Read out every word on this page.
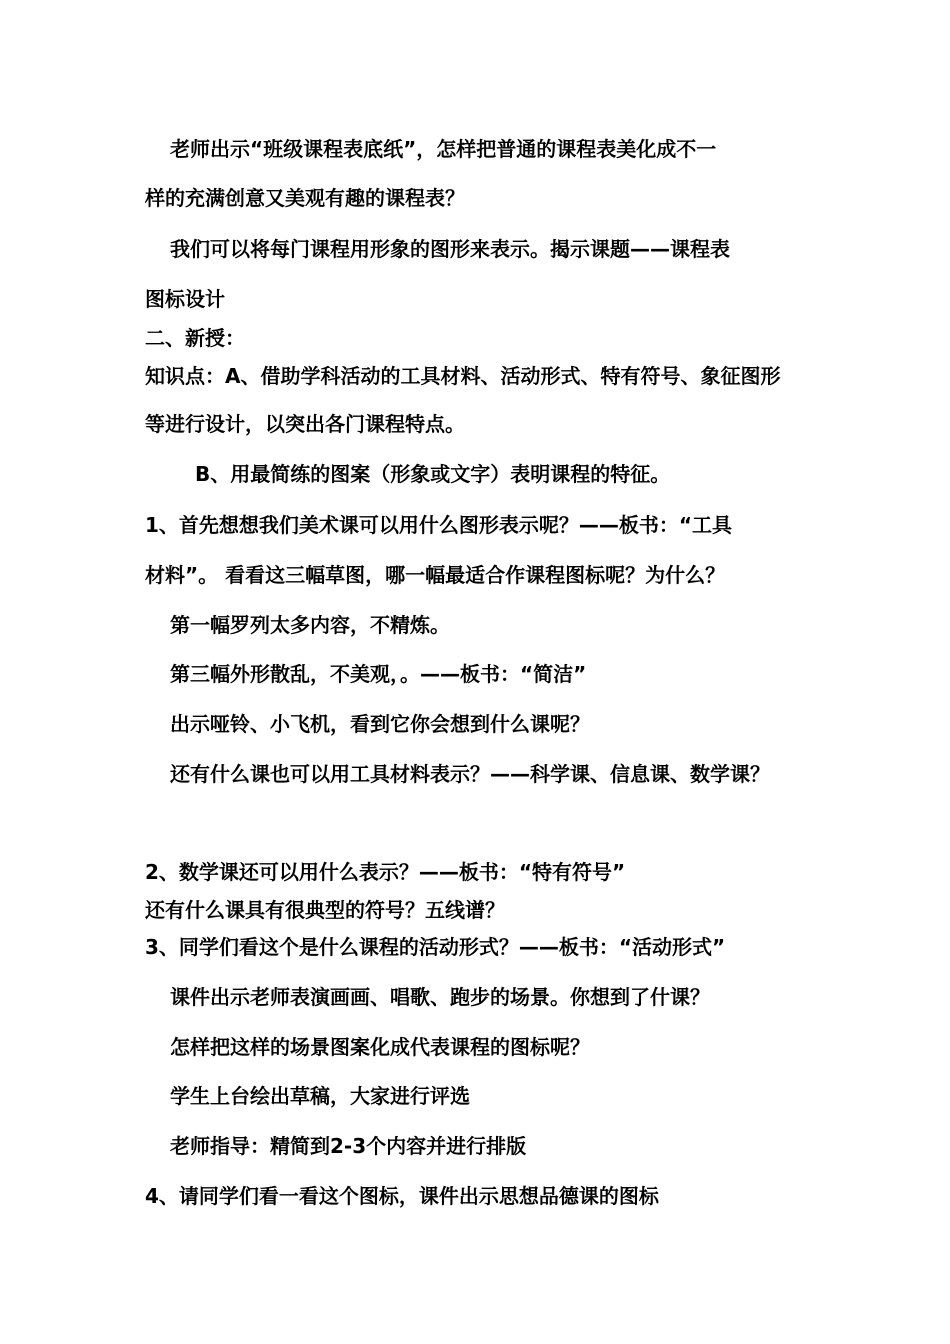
老师出示“班级课程表底纸”，怎样把普通的课程表美化成不一
样的充满创意又美观有趣的课程表？
我们可以将每门课程用形象的图形来表示。揭示课题——课程表
图标设计
二、新授：
知识点：A、借助学科活动的工具材料、活动形式、特有符号、象征图形
等进行设计，以突出各门课程特点。
B、用最简练的图案（形象或文字）表明课程的特征。
1、首先想想我们美术课可以用什么图形表示呢？——板书：“工具
材料”。 看看这三幅草图，哪一幅最适合作课程图标呢？为什么？
第一幅罗列太多内容，不精炼。
第三幅外形散乱，不美观，。——板书：“简洁”
出示哑铃、小飞机，看到它你会想到什么课呢？
还有什么课也可以用工具材料表示？——科学课、信息课、数学课？
2、数学课还可以用什么表示？——板书：“特有符号”
还有什么课具有很典型的符号？五线谱？
3、同学们看这个是什么课程的活动形式？——板书：“活动形式”
课件出示老师表演画画、唱歌、跑步的场景。你想到了什课？
怎样把这样的场景图案化成代表课程的图标呢？
学生上台绘出草稿，大家进行评选
老师指导：精简到2-3个内容并进行排版
4、请同学们看一看这个图标，课件出示思想品德课的图标
